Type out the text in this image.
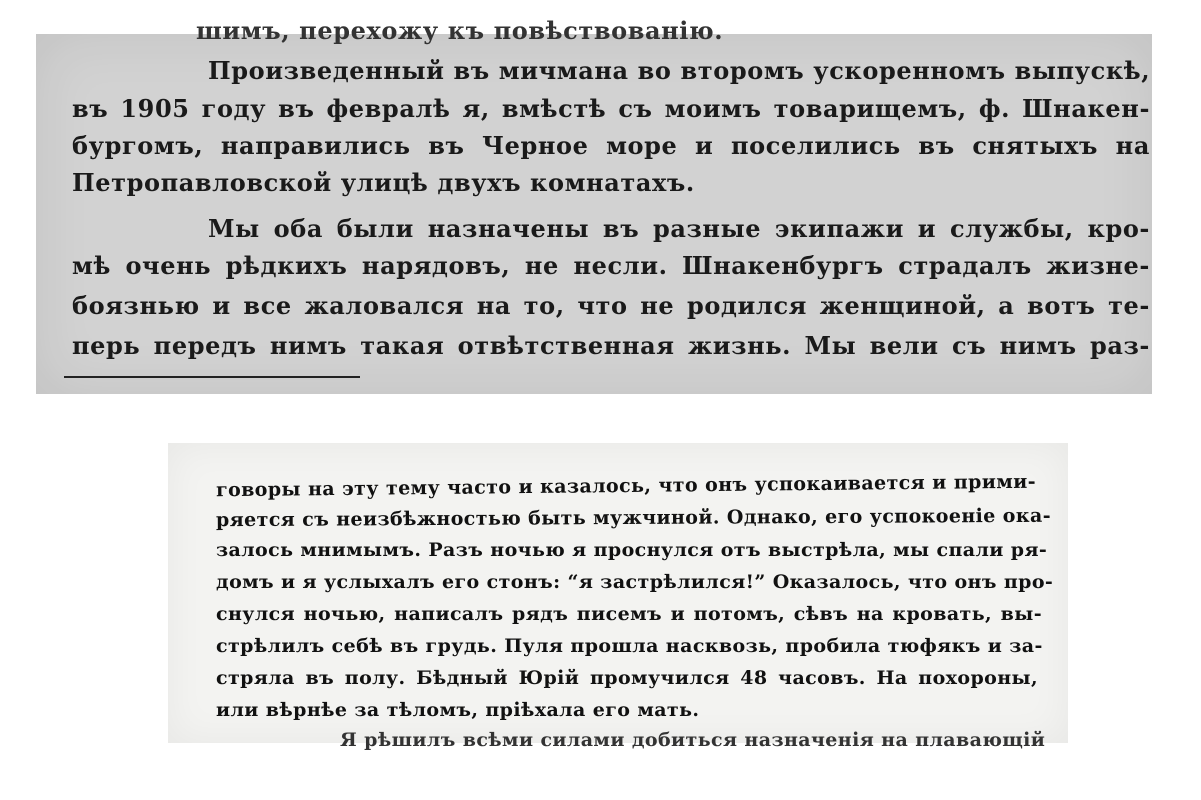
шимъ, перехожу къ повѣствованію.
Произведенный въ мичмана во второмъ ускоренномъ выпускѣ,
въ 1905 году въ февралѣ я, вмѣстѣ съ моимъ товарищемъ, ф. Шнакен-
бургомъ, направились въ Черное море и поселились въ снятыхъ на
Петропавловской улицѣ двухъ комнатахъ.
Мы оба были назначены въ разные экипажи и службы, кро-
мѣ очень рѣдкихъ нарядовъ, не несли. Шнакенбургъ страдалъ жизне-
боязнью и все жаловался на то, что не родился женщиной, а вотъ те-
перь передъ нимъ такая отвѣтственная жизнь. Мы вели съ нимъ раз-
говоры на эту тему часто и казалось, что онъ успокаивается и прими-
ряется съ неизбѣжностью быть мужчиной. Однако, его успокоеніе ока-
залось мнимымъ. Разъ ночью я проснулся отъ выстрѣла, мы спали ря-
домъ и я услыхалъ его стонъ: “я застрѣлился!” Оказалось, что онъ про-
снулся ночью, написалъ рядъ писемъ и потомъ, сѣвъ на кровать, вы-
стрѣлилъ себѣ въ грудь. Пуля прошла насквозь, пробила тюфякъ и за-
стряла въ полу. Бѣдный Юрій промучился 48 часовъ. На похороны,
или вѣрнѣе за тѣломъ, пріѣхала его мать.
Я рѣшилъ всѣми силами добиться назначенія на плавающій
